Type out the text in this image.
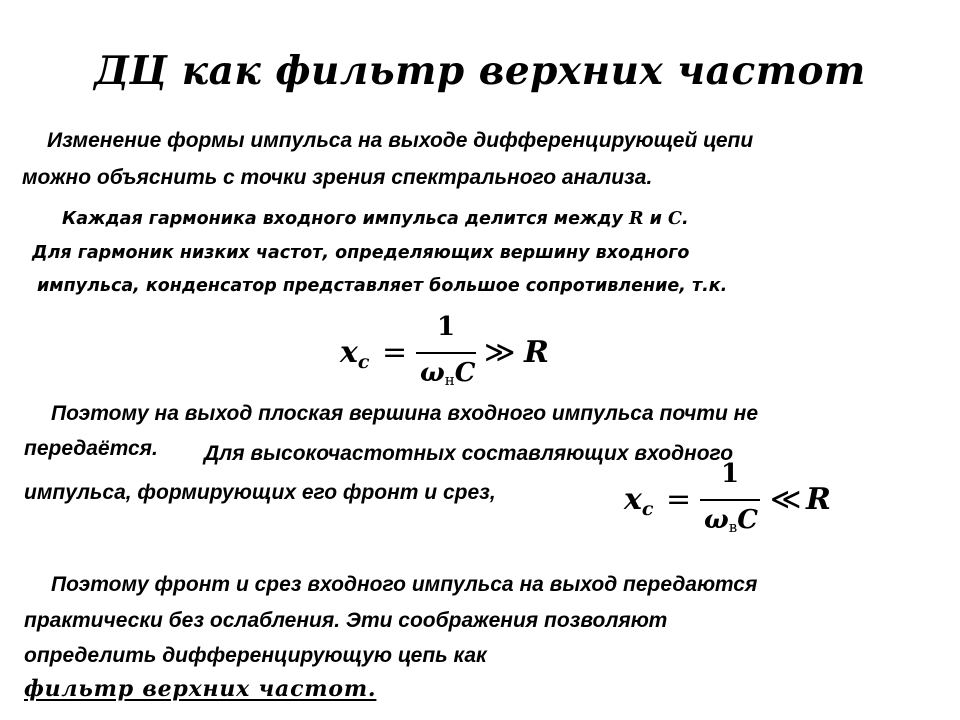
ДЦ как фильтр верхних частот
Изменение формы импульса на выходе дифференцирующей цепи
можно объяснить с точки зрения спектрального анализа.
Каждая гармоника входного импульса делится между R и C.
Для гармоник низких частот, определяющих вершину входного
импульса, конденсатор представляет большое сопротивление, т.к.
$x_c$ =
1
$\omega_нC$
≫ R
Поэтому на выход плоская вершина входного импульса почти не
передаётся. Для высокочастотных составляющих входного
импульса, формирующих его фронт и срез,	$x_c$ =
1
$\omega_вC$
≪ R
Поэтому фронт и срез входного импульса на выход передаются
практически без ослабления. Эти соображения позволяют
определить дифференцирующую цепь как
фильтр верхних частот.
